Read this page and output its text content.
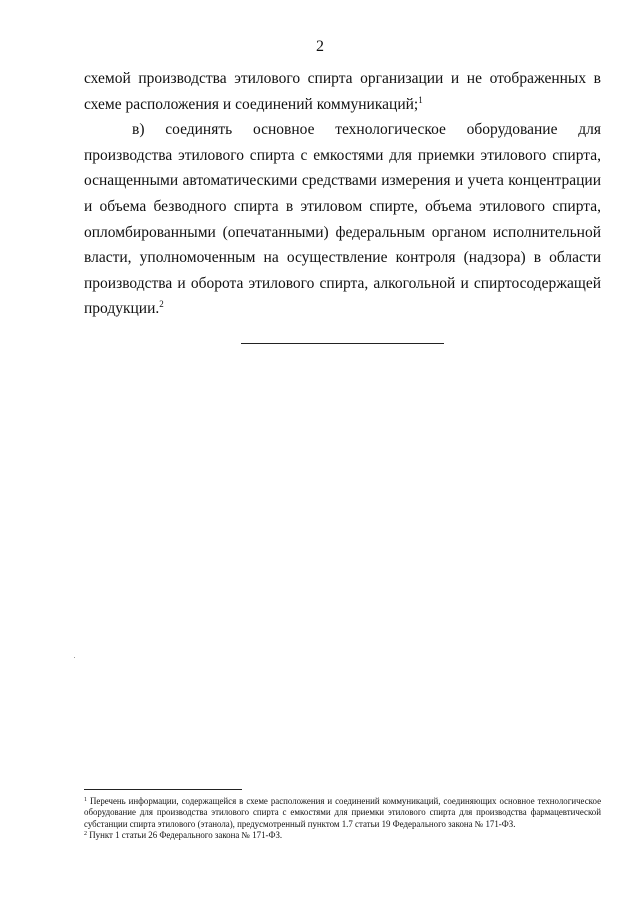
2

схемой производства этилового спирта организации и не отображенных в схеме расположения и соединений коммуникаций;$^1$

в) соединять основное технологическое оборудование для производства этилового спирта с емкостями для приемки этилового спирта, оснащенными автоматическими средствами измерения и учета концентрации и объема безводного спирта в этиловом спирте, объема этилового спирта, опломбированными (опечатанными) федеральным органом исполнительной власти, уполномоченным на осуществление контроля (надзора) в области производства и оборота этилового спирта, алкогольной и спиртосодержащей продукции.$^2$

$^1$ Перечень информации, содержащейся в схеме расположения и соединений коммуникаций, соединяющих основное технологическое оборудование для производства этилового спирта с емкостями для приемки этилового спирта для производства фармацевтической субстанции спирта этилового (этанола), предусмотренный пунктом 1.7 статьи 19 Федерального закона № 171-ФЗ.

$^2$ Пункт 1 статьи 26 Федерального закона № 171-ФЗ.
